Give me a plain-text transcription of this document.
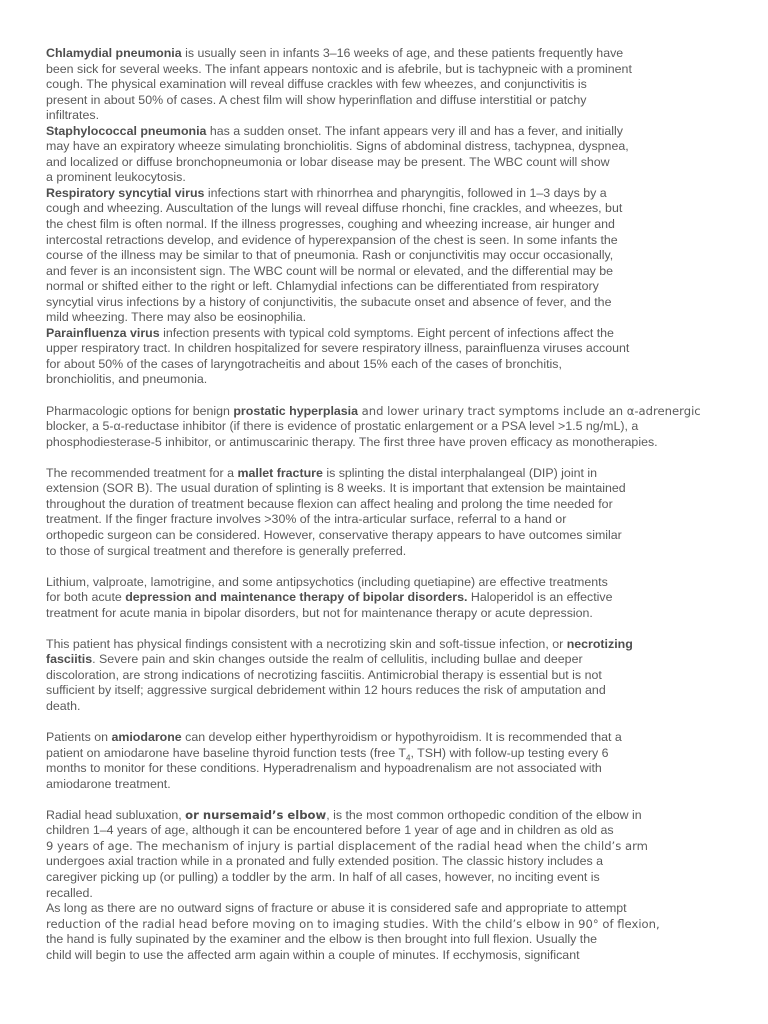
Chlamydial pneumonia is usually seen in infants 3–16 weeks of age, and these patients frequently have
been sick for several weeks. The infant appears nontoxic and is afebrile, but is tachypneic with a prominent
cough. The physical examination will reveal diffuse crackles with few wheezes, and conjunctivitis is
present in about 50% of cases. A chest film will show hyperinflation and diffuse interstitial or patchy
infiltrates.
Staphylococcal pneumonia has a sudden onset. The infant appears very ill and has a fever, and initially
may have an expiratory wheeze simulating bronchiolitis. Signs of abdominal distress, tachypnea, dyspnea,
and localized or diffuse bronchopneumonia or lobar disease may be present. The WBC count will show
a prominent leukocytosis.
Respiratory syncytial virus infections start with rhinorrhea and pharyngitis, followed in 1–3 days by a
cough and wheezing. Auscultation of the lungs will reveal diffuse rhonchi, fine crackles, and wheezes, but
the chest film is often normal. If the illness progresses, coughing and wheezing increase, air hunger and
intercostal retractions develop, and evidence of hyperexpansion of the chest is seen. In some infants the
course of the illness may be similar to that of pneumonia. Rash or conjunctivitis may occur occasionally,
and fever is an inconsistent sign. The WBC count will be normal or elevated, and the differential may be
normal or shifted either to the right or left. Chlamydial infections can be differentiated from respiratory
syncytial virus infections by a history of conjunctivitis, the subacute onset and absence of fever, and the
mild wheezing. There may also be eosinophilia.
Parainfluenza virus infection presents with typical cold symptoms. Eight percent of infections affect the
upper respiratory tract. In children hospitalized for severe respiratory illness, parainfluenza viruses account
for about 50% of the cases of laryngotracheitis and about 15% each of the cases of bronchitis,
bronchiolitis, and pneumonia.
Pharmacologic options for benign prostatic hyperplasia and lower urinary tract symptoms include an α-adrenergic
blocker, a 5-α-reductase inhibitor (if there is evidence of prostatic enlargement or a PSA level >1.5 ng/mL), a
phosphodiesterase-5 inhibitor, or antimuscarinic therapy. The first three have proven efficacy as monotherapies.
The recommended treatment for a mallet fracture is splinting the distal interphalangeal (DIP) joint in
extension (SOR B). The usual duration of splinting is 8 weeks. It is important that extension be maintained
throughout the duration of treatment because flexion can affect healing and prolong the time needed for
treatment. If the finger fracture involves >30% of the intra-articular surface, referral to a hand or
orthopedic surgeon can be considered. However, conservative therapy appears to have outcomes similar
to those of surgical treatment and therefore is generally preferred.
Lithium, valproate, lamotrigine, and some antipsychotics (including quetiapine) are effective treatments
for both acute depression and maintenance therapy of bipolar disorders. Haloperidol is an effective
treatment for acute mania in bipolar disorders, but not for maintenance therapy or acute depression.
This patient has physical findings consistent with a necrotizing skin and soft-tissue infection, or necrotizing
fasciitis. Severe pain and skin changes outside the realm of cellulitis, including bullae and deeper
discoloration, are strong indications of necrotizing fasciitis. Antimicrobial therapy is essential but is not
sufficient by itself; aggressive surgical debridement within 12 hours reduces the risk of amputation and
death.
Patients on amiodarone can develop either hyperthyroidism or hypothyroidism. It is recommended that a
patient on amiodarone have baseline thyroid function tests (free $T_4$, TSH) with follow-up testing every 6
months to monitor for these conditions. Hyperadrenalism and hypoadrenalism are not associated with
amiodarone treatment.
Radial head subluxation, or nursemaid’s elbow, is the most common orthopedic condition of the elbow in
children 1–4 years of age, although it can be encountered before 1 year of age and in children as old as
9 years of age. The mechanism of injury is partial displacement of the radial head when the child’s arm
undergoes axial traction while in a pronated and fully extended position. The classic history includes a
caregiver picking up (or pulling) a toddler by the arm. In half of all cases, however, no inciting event is
recalled.
As long as there are no outward signs of fracture or abuse it is considered safe and appropriate to attempt
reduction of the radial head before moving on to imaging studies. With the child’s elbow in 90° of flexion,
the hand is fully supinated by the examiner and the elbow is then brought into full flexion. Usually the
child will begin to use the affected arm again within a couple of minutes. If ecchymosis, significant
